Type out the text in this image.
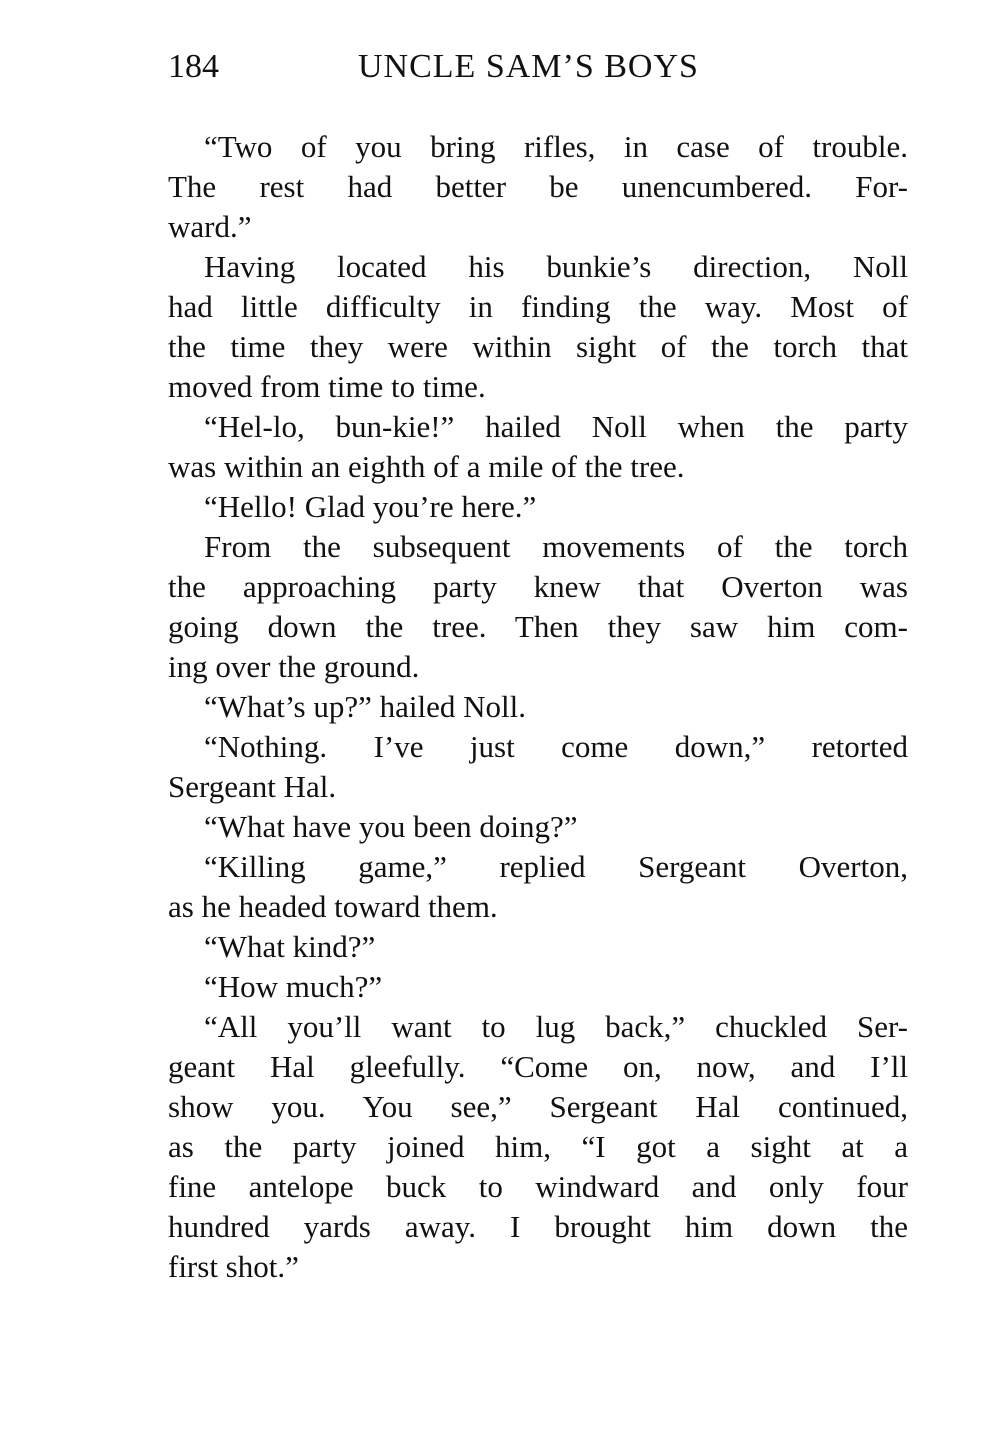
184	UNCLE SAM’S BOYS
“Two of you bring rifles, in case of trouble.
The rest had better be unencumbered. For-
ward.”
Having located his bunkie’s direction, Noll
had little difficulty in finding the way. Most of
the time they were within sight of the torch that
moved from time to time.
“Hel-lo, bun-kie!” hailed Noll when the party
was within an eighth of a mile of the tree.
“Hello! Glad you’re here.”
From the subsequent movements of the torch
the approaching party knew that Overton was
going down the tree. Then they saw him com-
ing over the ground.
“What’s up?” hailed Noll.
“Nothing. I’ve just come down,” retorted
Sergeant Hal.
“What have you been doing?”
“Killing game,” replied Sergeant Overton,
as he headed toward them.
“What kind?”
“How much?”
“All you’ll want to lug back,” chuckled Ser-
geant Hal gleefully. “Come on, now, and I’ll
show you. You see,” Sergeant Hal continued,
as the party joined him, “I got a sight at a
fine antelope buck to windward and only four
hundred yards away. I brought him down the
first shot.”
